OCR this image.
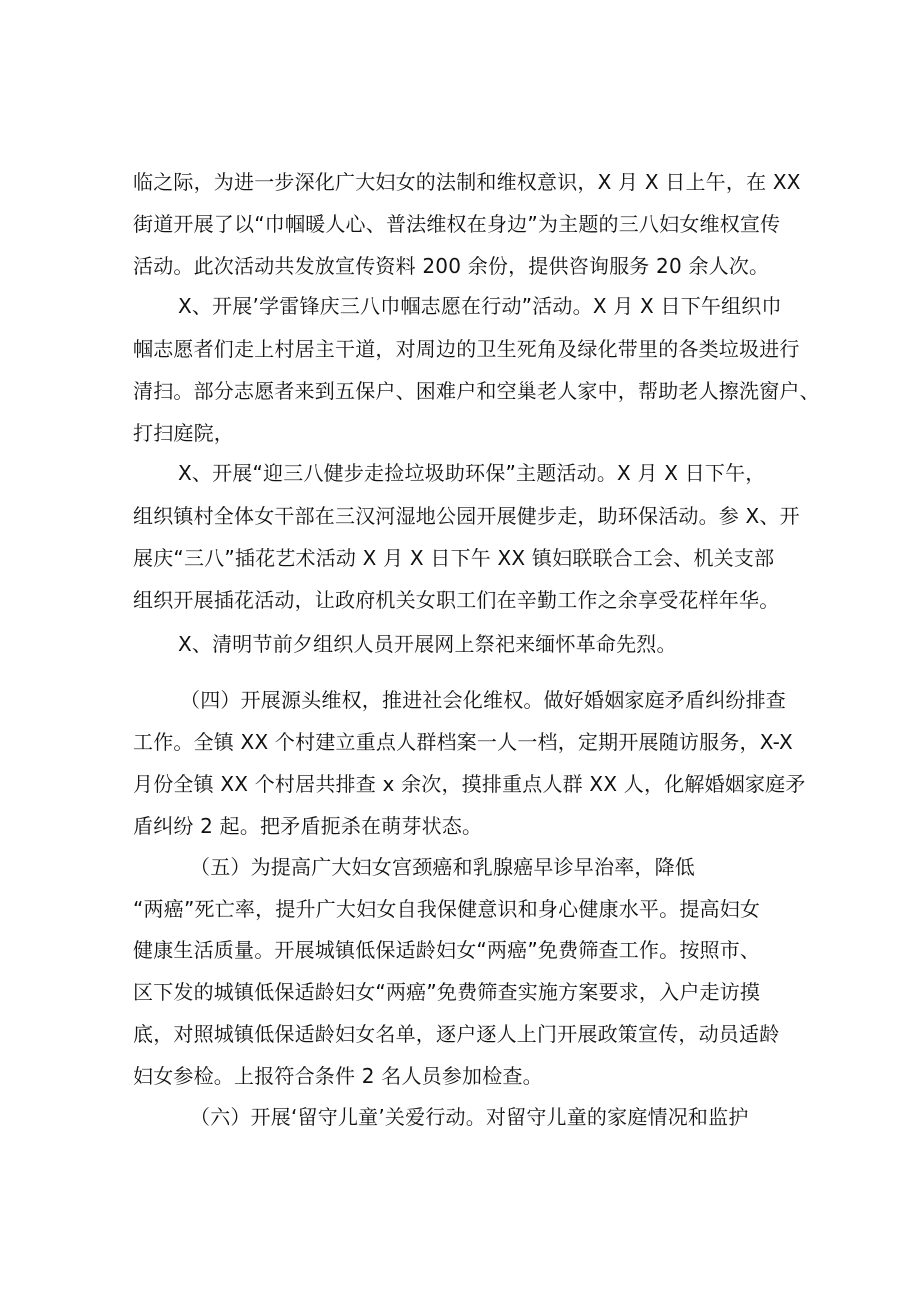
临之际，为进一步深化广大妇女的法制和维权意识，X 月 X 日上午，在 XX
街道开展了以“巾帼暖人心、普法维权在身边”为主题的三八妇女维权宣传
活动。此次活动共发放宣传资料 200 余份，提供咨询服务 20 余人次。
X、开展’学雷锋庆三八巾帼志愿在行动”活动。X 月 X 日下午组织巾
帼志愿者们走上村居主干道，对周边的卫生死角及绿化带里的各类垃圾进行
清扫。部分志愿者来到五保户、困难户和空巢老人家中，帮助老人擦洗窗户、
打扫庭院，
X、开展“迎三八健步走捡垃圾助环保”主题活动。X 月 X 日下午，
组织镇村全体女干部在三汉河湿地公园开展健步走，助环保活动。参 X、开
展庆“三八”插花艺术活动 X 月 X 日下午 XX 镇妇联联合工会、机关支部
组织开展插花活动，让政府机关女职工们在辛勤工作之余享受花样年华。
X、清明节前夕组织人员开展网上祭祀来缅怀革命先烈。
（四）开展源头维权，推进社会化维权。做好婚姻家庭矛盾纠纷排查
工作。全镇 XX 个村建立重点人群档案一人一档，定期开展随访服务，X-X
月份全镇 XX 个村居共排查 x 余次，摸排重点人群 XX 人，化解婚姻家庭矛
盾纠纷 2 起。把矛盾扼杀在萌芽状态。
（五）为提高广大妇女宫颈癌和乳腺癌早诊早治率，降低
“两癌”死亡率，提升广大妇女自我保健意识和身心健康水平。提高妇女
健康生活质量。开展城镇低保适龄妇女“两癌”免费筛查工作。按照市、
区下发的城镇低保适龄妇女“两癌”免费筛查实施方案要求，入户走访摸
底，对照城镇低保适龄妇女名单，逐户逐人上门开展政策宣传，动员适龄
妇女参检。上报符合条件 2 名人员参加检查。
（六）开展‘留守儿童’关爱行动。对留守儿童的家庭情况和监护
